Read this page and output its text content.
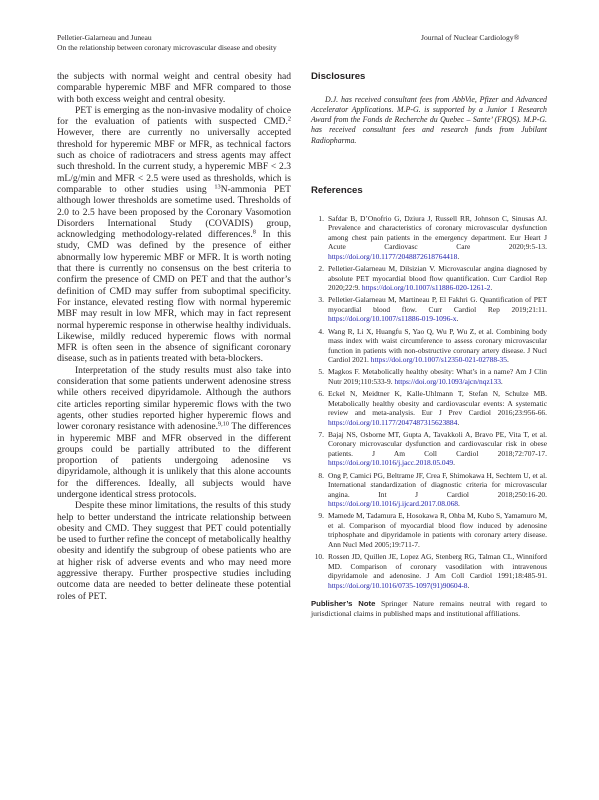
Pelletier-Galarneau and Juneau
On the relationship between coronary microvascular disease and obesity
Journal of Nuclear Cardiology®

the subjects with normal weight and central obesity had comparable hyperemic MBF and MFR compared to those with both excess weight and central obesity.

PET is emerging as the non-invasive modality of choice for the evaluation of patients with suspected CMD.$^2$ However, there are currently no universally accepted threshold for hyperemic MBF or MFR, as technical factors such as choice of radiotracers and stress agents may affect such threshold. In the current study, a hyperemic MBF < 2.3 mL/g/min and MFR < 2.5 were used as thresholds, which is comparable to other studies using $^{13}$N-ammonia PET although lower thresholds are sometime used. Thresholds of 2.0 to 2.5 have been proposed by the Coronary Vasomotion Disorders International Study (COVADIS) group, acknowledging methodology-related differences.$^8$ In this study, CMD was defined by the presence of either abnormally low hyperemic MBF or MFR. It is worth noting that there is currently no consensus on the best criteria to confirm the presence of CMD on PET and that the author’s definition of CMD may suffer from suboptimal specificity. For instance, elevated resting flow with normal hyperemic MBF may result in low MFR, which may in fact represent normal hyperemic response in otherwise healthy individuals. Likewise, mildly reduced hyperemic flows with normal MFR is often seen in the absence of significant coronary disease, such as in patients treated with beta-blockers.

Interpretation of the study results must also take into consideration that some patients underwent adenosine stress while others received dipyridamole. Although the authors cite articles reporting similar hyperemic flows with the two agents, other studies reported higher hyperemic flows and lower coronary resistance with adenosine.$^{9,10}$ The differences in hyperemic MBF and MFR observed in the different groups could be partially attributed to the different proportion of patients undergoing adenosine vs dipyridamole, although it is unlikely that this alone accounts for the differences. Ideally, all subjects would have undergone identical stress protocols.

Despite these minor limitations, the results of this study help to better understand the intricate relationship between obesity and CMD. They suggest that PET could potentially be used to further refine the concept of metabolically healthy obesity and identify the subgroup of obese patients who are at higher risk of adverse events and who may need more aggressive therapy. Further prospective studies including outcome data are needed to better delineate these potential roles of PET.

Disclosures

D.J. has received consultant fees from AbbVie, Pfizer and Advanced Accelerator Applications. M.P-G. is supported by a Junior 1 Research Award from the Fonds de Recherche du Quebec – Sante’ (FRQS). M.P-G. has received consultant fees and research funds from Jubilant Radiopharma.

References
1. Safdar B, D’Onofrio G, Dziura J, Russell RR, Johnson C, Sinusas AJ. Prevalence and characteristics of coronary microvascular dysfunction among chest pain patients in the emergency department. Eur Heart J Acute Cardiovasc Care 2020;9:5-13. https://doi.org/10.1177/2048872618764418.
2. Pelletier-Galarneau M, Dilsizian V. Microvascular angina diagnosed by absolute PET myocardial blood flow quantification. Curr Cardiol Rep 2020;22:9. https://doi.org/10.1007/s11886-020-1261-2.
3. Pelletier-Galarneau M, Martineau P, El Fakhri G. Quantification of PET myocardial blood flow. Curr Cardiol Rep 2019;21:11. https://doi.org/10.1007/s11886-019-1096-x.
4. Wang R, Li X, Huangfu S, Yao Q, Wu P, Wu Z, et al. Combining body mass index with waist circumference to assess coronary microvascular function in patients with non-obstructive coronary artery disease. J Nucl Cardiol 2021. https://doi.org/10.1007/s12350-021-02788-35.
5. Magkos F. Metabolically healthy obesity: What’s in a name? Am J Clin Nutr 2019;110:533-9. https://doi.org/10.1093/ajcn/nqz133.
6. Eckel N, Meidtner K, Kalle-Uhlmann T, Stefan N, Schulze MB. Metabolically healthy obesity and cardiovascular events: A systematic review and meta-analysis. Eur J Prev Cardiol 2016;23:956-66. https://doi.org/10.1177/2047487315623884.
7. Bajaj NS, Osborne MT, Gupta A, Tavakkoli A, Bravo PE, Vita T, et al. Coronary microvascular dysfunction and cardiovascular risk in obese patients. J Am Coll Cardiol 2018;72:707-17. https://doi.org/10.1016/j.jacc.2018.05.049.
8. Ong P, Camici PG, Beltrame JF, Crea F, Shimokawa H, Sechtem U, et al. International standardization of diagnostic criteria for microvascular angina. Int J Cardiol 2018;250:16-20. https://doi.org/10.1016/j.ijcard.2017.08.068.
9. Mamede M, Tadamura E, Hosokawa R, Ohba M, Kubo S, Yamamuro M, et al. Comparison of myocardial blood flow induced by adenosine triphosphate and dipyridamole in patients with coronary artery disease. Ann Nucl Med 2005;19:711-7.
10. Rossen JD, Quillen JE, Lopez AG, Stenberg RG, Talman CL, Winniford MD. Comparison of coronary vasodilation with intravenous dipyridamole and adenosine. J Am Coll Cardiol 1991;18:485-91. https://doi.org/10.1016/0735-1097(91)90604-8.

Publisher’s Note Springer Nature remains neutral with regard to jurisdictional claims in published maps and institutional affiliations.
